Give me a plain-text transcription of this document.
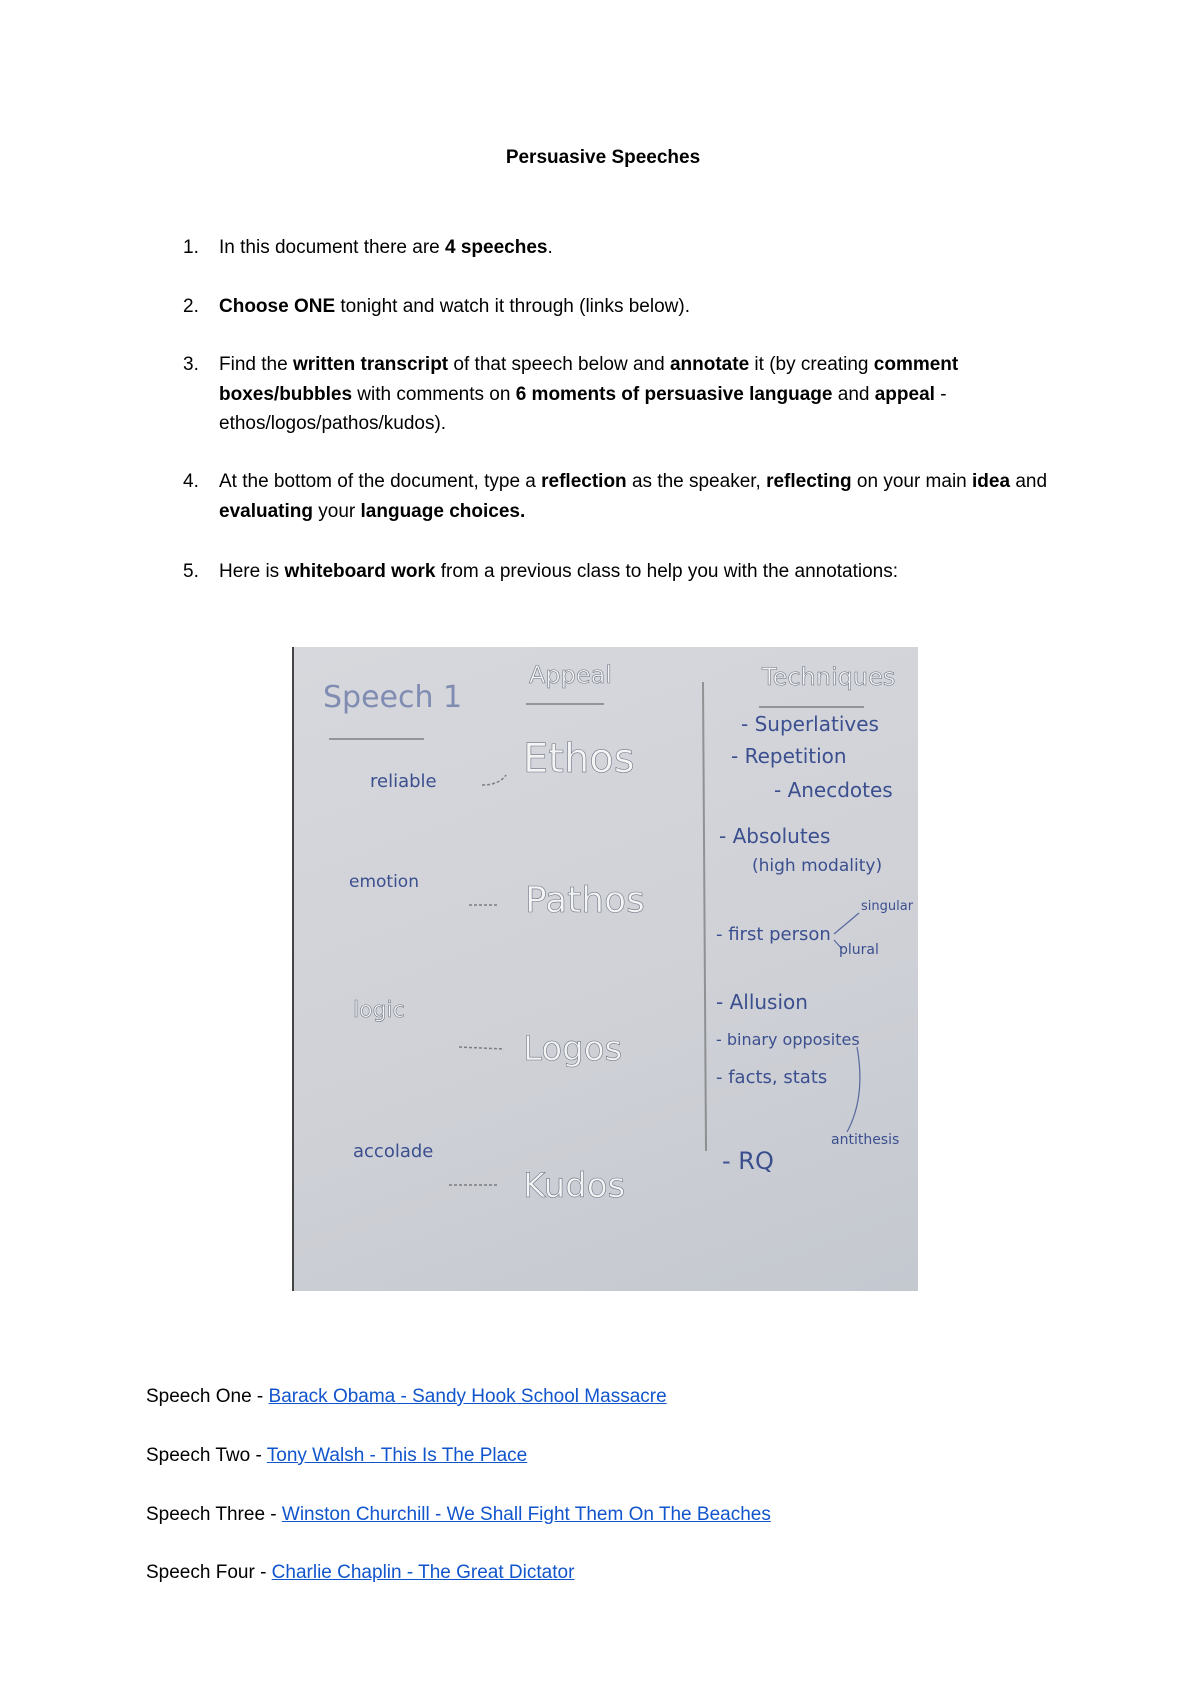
Persuasive Speeches
1. In this document there are 4 speeches.
2. Choose ONE tonight and watch it through (links below).
3. Find the written transcript of that speech below and annotate it (by creating comment boxes/bubbles with comments on 6 moments of persuasive language and appeal - ethos/logos/pathos/kudos).
4. At the bottom of the document, type a reflection as the speaker, reflecting on your main idea and evaluating your language choices.
5. Here is whiteboard work from a previous class to help you with the annotations:
Speech 1
Appeal	Techniques
Ethos
Pathos
Logos
Kudos
reliable
emotion
logic
accolade
- Superlatives
- Repetition
- Anecdotes
- Absolutes
(high modality)
- first person
singular
plural
- Allusion
- binary opposites
- facts, stats
- RQ
antithesis
Speech One - Barack Obama - Sandy Hook School Massacre
Speech Two - Tony Walsh - This Is The Place
Speech Three - Winston Churchill - We Shall Fight Them On The Beaches
Speech Four - Charlie Chaplin - The Great Dictator
